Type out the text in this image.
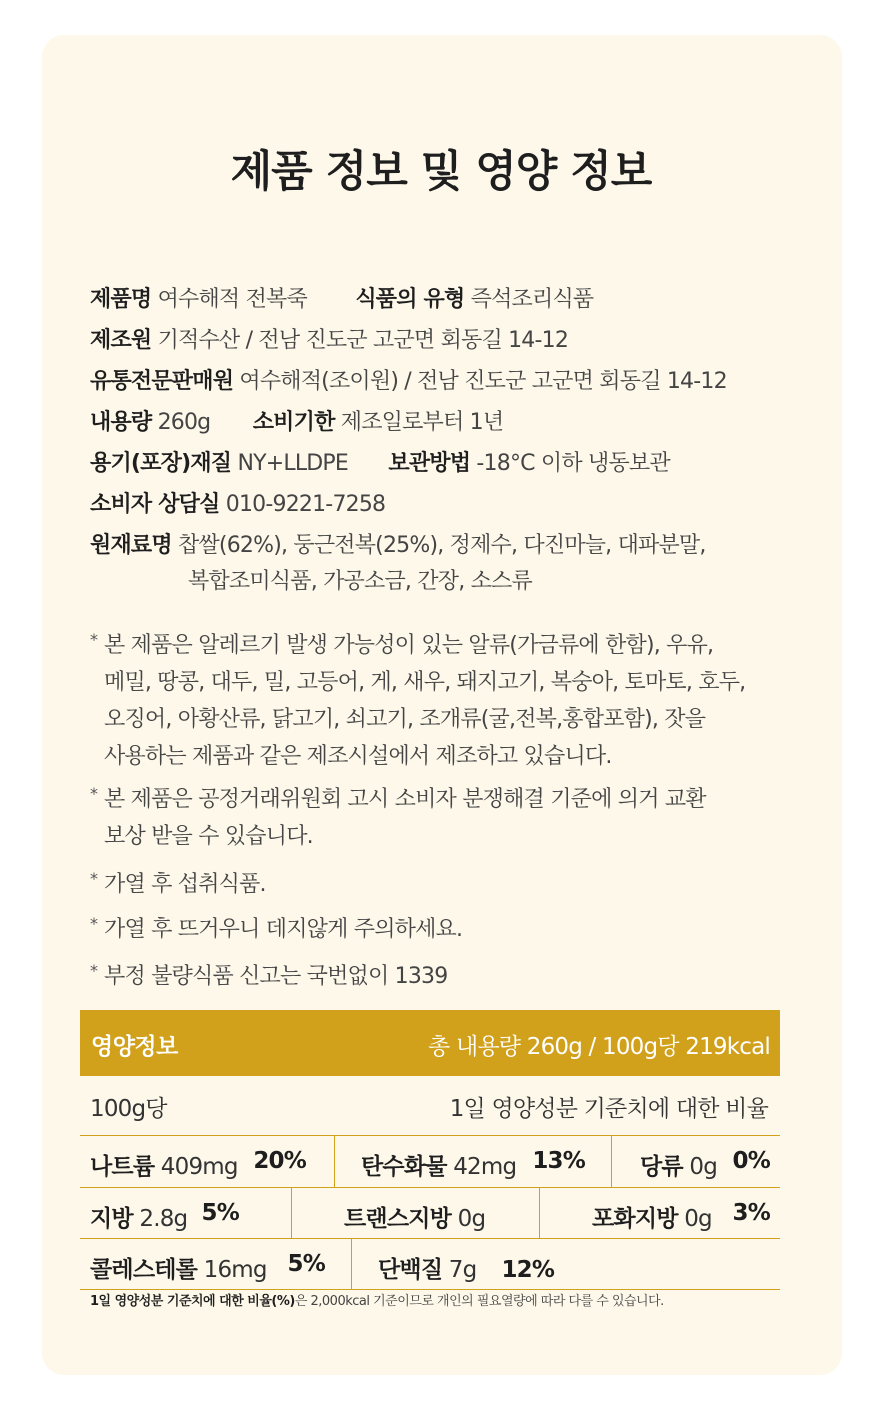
제품 정보 및 영양 정보
제품명 여수해적 전복죽 식품의 유형 즉석조리식품
제조원 기적수산 / 전남 진도군 고군면 회동길 14-12
유통전문판매원 여수해적(조이원) / 전남 진도군 고군면 회동길 14-12
내용량 260g 소비기한 제조일로부터 1년
용기(포장)재질 NY+LLDPE 보관방법 -18°C 이하 냉동보관
소비자 상담실 010-9221-7258
원재료명 찹쌀(62%), 둥근전복(25%), 정제수, 다진마늘, 대파분말,
복합조미식품, 가공소금, 간장, 소스류
* 본 제품은 알레르기 발생 가능성이 있는 알류(가금류에 한함), 우유,
메밀, 땅콩, 대두, 밀, 고등어, 게, 새우, 돼지고기, 복숭아, 토마토, 호두,
오징어, 아황산류, 닭고기, 쇠고기, 조개류(굴,전복,홍합포함), 잣을
사용하는 제품과 같은 제조시설에서 제조하고 있습니다.
* 본 제품은 공정거래위원회 고시 소비자 분쟁해결 기준에 의거 교환
보상 받을 수 있습니다.
* 가열 후 섭취식품.
* 가열 후 뜨거우니 데지않게 주의하세요.
* 부정 불량식품 신고는 국번없이 1339
영양정보	총 내용량 260g / 100g당 219kcal
100g당	1일 영양성분 기준치에 대한 비율
나트륨 409mg 20% 탄수화물 42mg 13% 당류 0g 0%
지방 2.8g 5%	트랜스지방 0g	포화지방 0g 3%
콜레스테롤 16mg 5% 단백질 7g 12%
1일 영양성분 기준치에 대한 비율(%)은 2,000kcal 기준이므로 개인의 필요열량에 따라 다를 수 있습니다.
